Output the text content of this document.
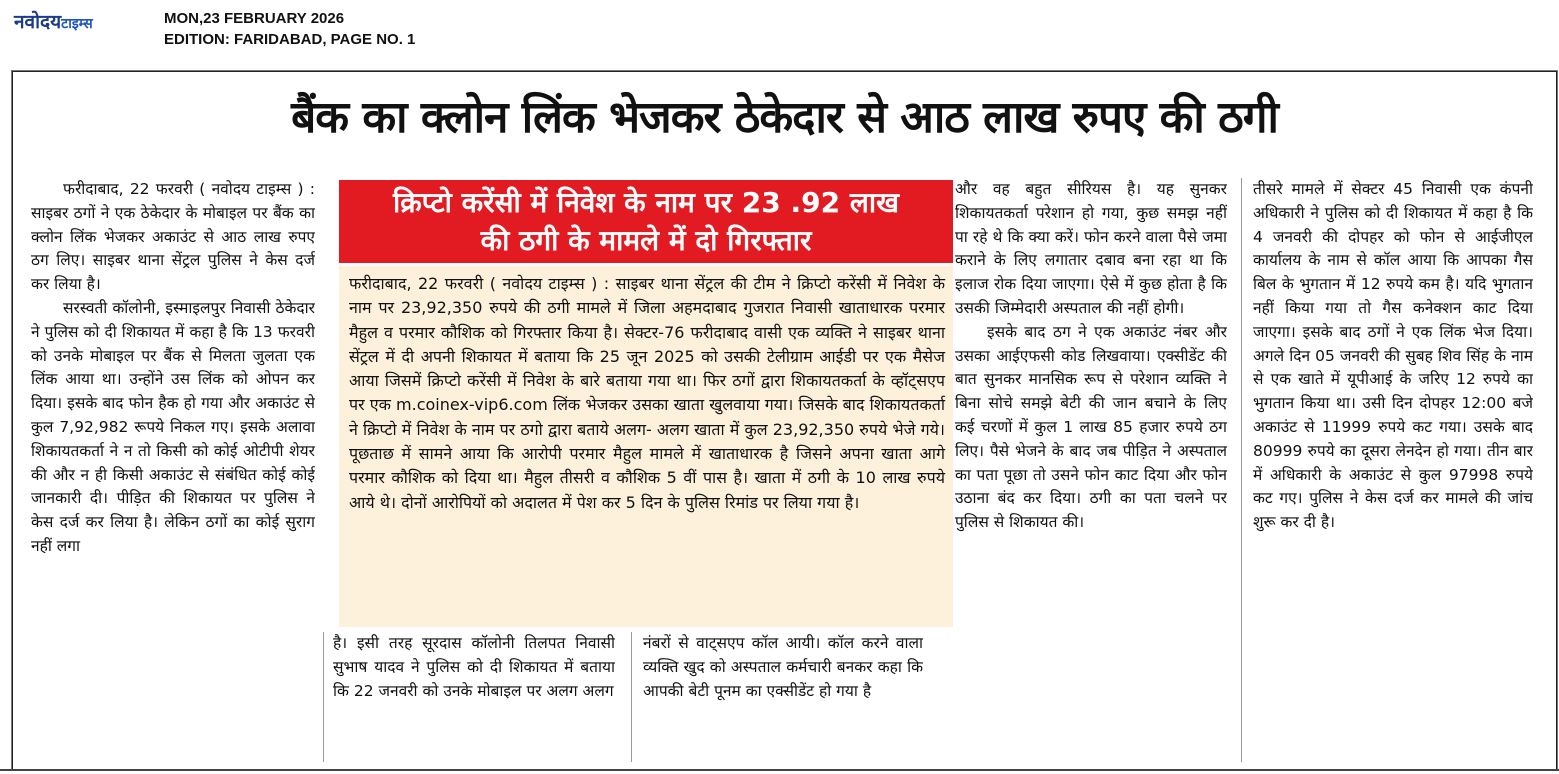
नवोदयटाइम्स	MON,23 FEBRUARY 2026
EDITION: FARIDABAD, PAGE NO. 1
बैंक का क्लोन लिंक भेजकर ठेकेदार से आठ लाख रुपए की ठगी

फरीदाबाद, 22 फरवरी ( नवोदय टाइम्स ) : साइबर ठगों ने एक ठेकेदार के मोबाइल पर बैंक का क्लोन लिंक भेजकर अकाउंट से आठ लाख रुपए ठग लिए। साइबर थाना सेंट्रल पुलिस ने केस दर्ज कर लिया है।

सरस्वती कॉलोनी, इस्माइलपुर निवासी ठेकेदार ने पुलिस को दी शिकायत में कहा है कि 13 फरवरी को उनके मोबाइल पर बैंक से मिलता जुलता एक लिंक आया था। उन्होंने उस लिंक को ओपन कर दिया। इसके बाद फोन हैक हो गया और अकाउंट से कुल 7,92,982 रूपये निकल गए। इसके अलावा शिकायतकर्ता ने न तो किसी को कोई ओटीपी शेयर की और न ही किसी अकाउंट से संबंधित कोई कोई जानकारी दी। पीड़ित की शिकायत पर पुलिस ने केस दर्ज कर लिया है। लेकिन ठगों का कोई सुराग नहीं लगा

क्रिप्टो करेंसी में निवेश के नाम पर 23 .92 लाख
की ठगी के मामले में दो गिरफ्तार

फरीदाबाद, 22 फरवरी ( नवोदय टाइम्स ) : साइबर थाना सेंट्रल की टीम ने क्रिप्टो करेंसी में निवेश के नाम पर 23,92,350 रुपये की ठगी मामले में जिला अहमदाबाद गुजरात निवासी खाताधारक परमार मैहुल व परमार कौशिक को गिरफ्तार किया है। सेक्टर-76 फरीदाबाद वासी एक व्यक्ति ने साइबर थाना सेंट्रल में दी अपनी शिकायत में बताया कि 25 जून 2025 को उसकी टेलीग्राम आईडी पर एक मैसेज आया जिसमें क्रिप्टो करेंसी में निवेश के बारे बताया गया था। फिर ठगों द्वारा शिकायतकर्ता के व्हॉट्सएप पर एक m.coinex-vip6.com लिंक भेजकर उसका खाता खुलवाया गया। जिसके बाद शिकायतकर्ता ने क्रिप्टो में निवेश के नाम पर ठगो द्वारा बताये अलग- अलग खाता में कुल 23,92,350 रुपये भेजे गये। पूछताछ में सामने आया कि आरोपी परमार मैहुल मामले में खाताधारक है जिसने अपना खाता आगे परमार कौशिक को दिया था। मैहुल तीसरी व कौशिक 5 वीं पास है। खाता में ठगी के 10 लाख रुपये आये थे। दोनों आरोपियों को अदालत में पेश कर 5 दिन के पुलिस रिमांड पर लिया गया है।

है। इसी तरह सूरदास कॉलोनी तिलपत निवासी सुभाष यादव ने पुलिस को दी शिकायत में बताया कि 22 जनवरी को उनके मोबाइल पर अलग अलग

नंबरों से वाट्सएप कॉल आयी। कॉल करने वाला व्यक्ति खुद को अस्पताल कर्मचारी बनकर कहा कि आपकी बेटी पूनम का एक्सीडेंट हो गया है

और वह बहुत सीरियस है। यह सुनकर शिकायतकर्ता परेशान हो गया, कुछ समझ नहीं पा रहे थे कि क्या करें। फोन करने वाला पैसे जमा कराने के लिए लगातार दबाव बना रहा था कि इलाज रोक दिया जाएगा। ऐसे में कुछ होता है कि उसकी जिम्मेदारी अस्पताल की नहीं होगी।

इसके बाद ठग ने एक अकाउंट नंबर और उसका आईएफसी कोड लिखवाया। एक्सीडेंट की बात सुनकर मानसिक रूप से परेशान व्यक्ति ने बिना सोचे समझे बेटी की जान बचाने के लिए कई चरणों में कुल 1 लाख 85 हजार रुपये ठग लिए। पैसे भेजने के बाद जब पीड़ित ने अस्पताल का पता पूछा तो उसने फोन काट दिया और फोन उठाना बंद कर दिया। ठगी का पता चलने पर पुलिस से शिकायत की।

तीसरे मामले में सेक्टर 45 निवासी एक कंपनी अधिकारी ने पुलिस को दी शिकायत में कहा है कि 4 जनवरी की दोपहर को फोन से आईजीएल कार्यालय के नाम से कॉल आया कि आपका गैस बिल के भुगतान में 12 रुपये कम है। यदि भुगतान नहीं किया गया तो गैस कनेक्शन काट दिया जाएगा। इसके बाद ठगों ने एक लिंक भेज दिया। अगले दिन 05 जनवरी की सुबह शिव सिंह के नाम से एक खाते में यूपीआई के जरिए 12 रुपये का भुगतान किया था। उसी दिन दोपहर 12:00 बजे अकाउंट से 11999 रुपये कट गया। उसके बाद 80999 रुपये का दूसरा लेनदेन हो गया। तीन बार में अधिकारी के अकाउंट से कुल 97998 रुपये कट गए। पुलिस ने केस दर्ज कर मामले की जांच शुरू कर दी है।
